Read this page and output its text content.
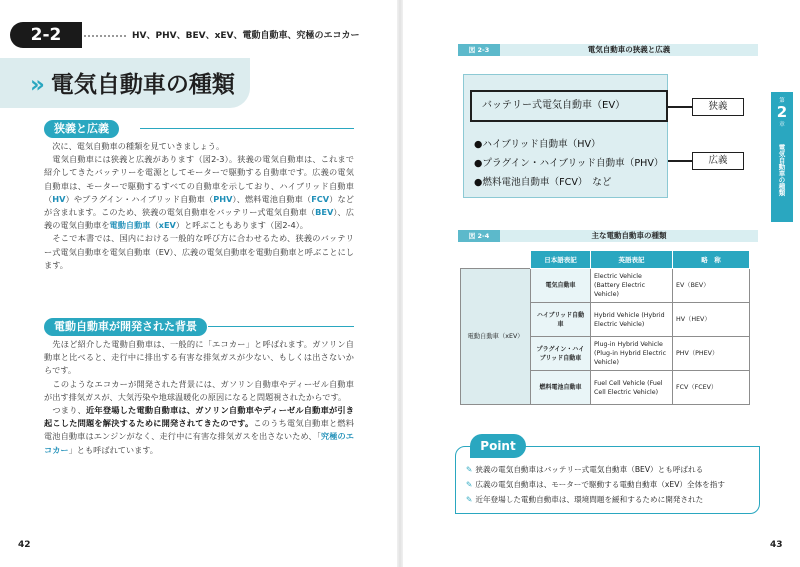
2-2	HV、PHV、BEV、xEV、電動自動車、究極のエコカー
» 電気自動車の種類
狭義と広義

　次に、電気自動車の種類を見ていきましょう。

　電気自動車には狭義と広義があります（図2-3）。狭義の電気自動車は、これまで紹介してきたバッテリーを電源としてモーターで駆動する自動車です。広義の電気自動車は、モーターで駆動するすべての自動車を示しており、ハイブリッド自動車（HV）やプラグイン・ハイブリッド自動車（PHV）、燃料電池自動車（FCV）などが含まれます。このため、狭義の電気自動車をバッテリー式電気自動車（BEV）、広義の電気自動車を電動自動車（xEV）と呼ぶこともあります（図2-4）。

　そこで本書では、国内における一般的な呼び方に合わせるため、狭義のバッテリー式電気自動車を電気自動車（EV）、広義の電気自動車を電動自動車と呼ぶことにします。

電動自動車が開発された背景

　先ほど紹介した電動自動車は、一般的に「エコカー」と呼ばれます。ガソリン自動車と比べると、走行中に排出する有害な排気ガスが少ない、もしくは出さないからです。

　このようなエコカーが開発された背景には、ガソリン自動車やディーゼル自動車が出す排気ガスが、大気汚染や地球温暖化の原因になると問題視されたからです。

　つまり、近年登場した電動自動車は、ガソリン自動車やディーゼル自動車が引き起こした問題を解決するために開発されてきたのです。このうち電気自動車と燃料電池自動車はエンジンがなく、走行中に有害な排気ガスを出さないため、「究極のエコカー」とも呼ばれています。

42	43
図 2-3	電気自動車の狭義と広義
バッテリー式電気自動車（EV）
●ハイブリッド自動車（HV）
●プラグイン・ハイブリッド自動車（PHV）
●燃料電池自動車（FCV）　など
狭義
広義
第
2
章
電気自動車の種類
図 2-4	主な電動自動車の種類
	日本語表記	英語表記	略　称
電動自動車（xEV）	電気自動車	Electric Vehicle (Battery Electric Vehicle)	EV（BEV）
	ハイブリッド自動車	Hybrid Vehicle (Hybrid Electric Vehicle)	HV（HEV）
	プラグイン・ハイブリッド自動車	Plug-in Hybrid Vehicle (Plug-in Hybrid Electric Vehicle)	PHV（PHEV）
	燃料電池自動車	Fuel Cell Vehicle (Fuel Cell Electric Vehicle)	FCV（FCEV）
Point
✎ 狭義の電気自動車はバッテリー式電気自動車（BEV）とも呼ばれる
✎ 広義の電気自動車は、モーターで駆動する電動自動車（xEV）全体を指す
✎ 近年登場した電動自動車は、環境問題を緩和するために開発された
